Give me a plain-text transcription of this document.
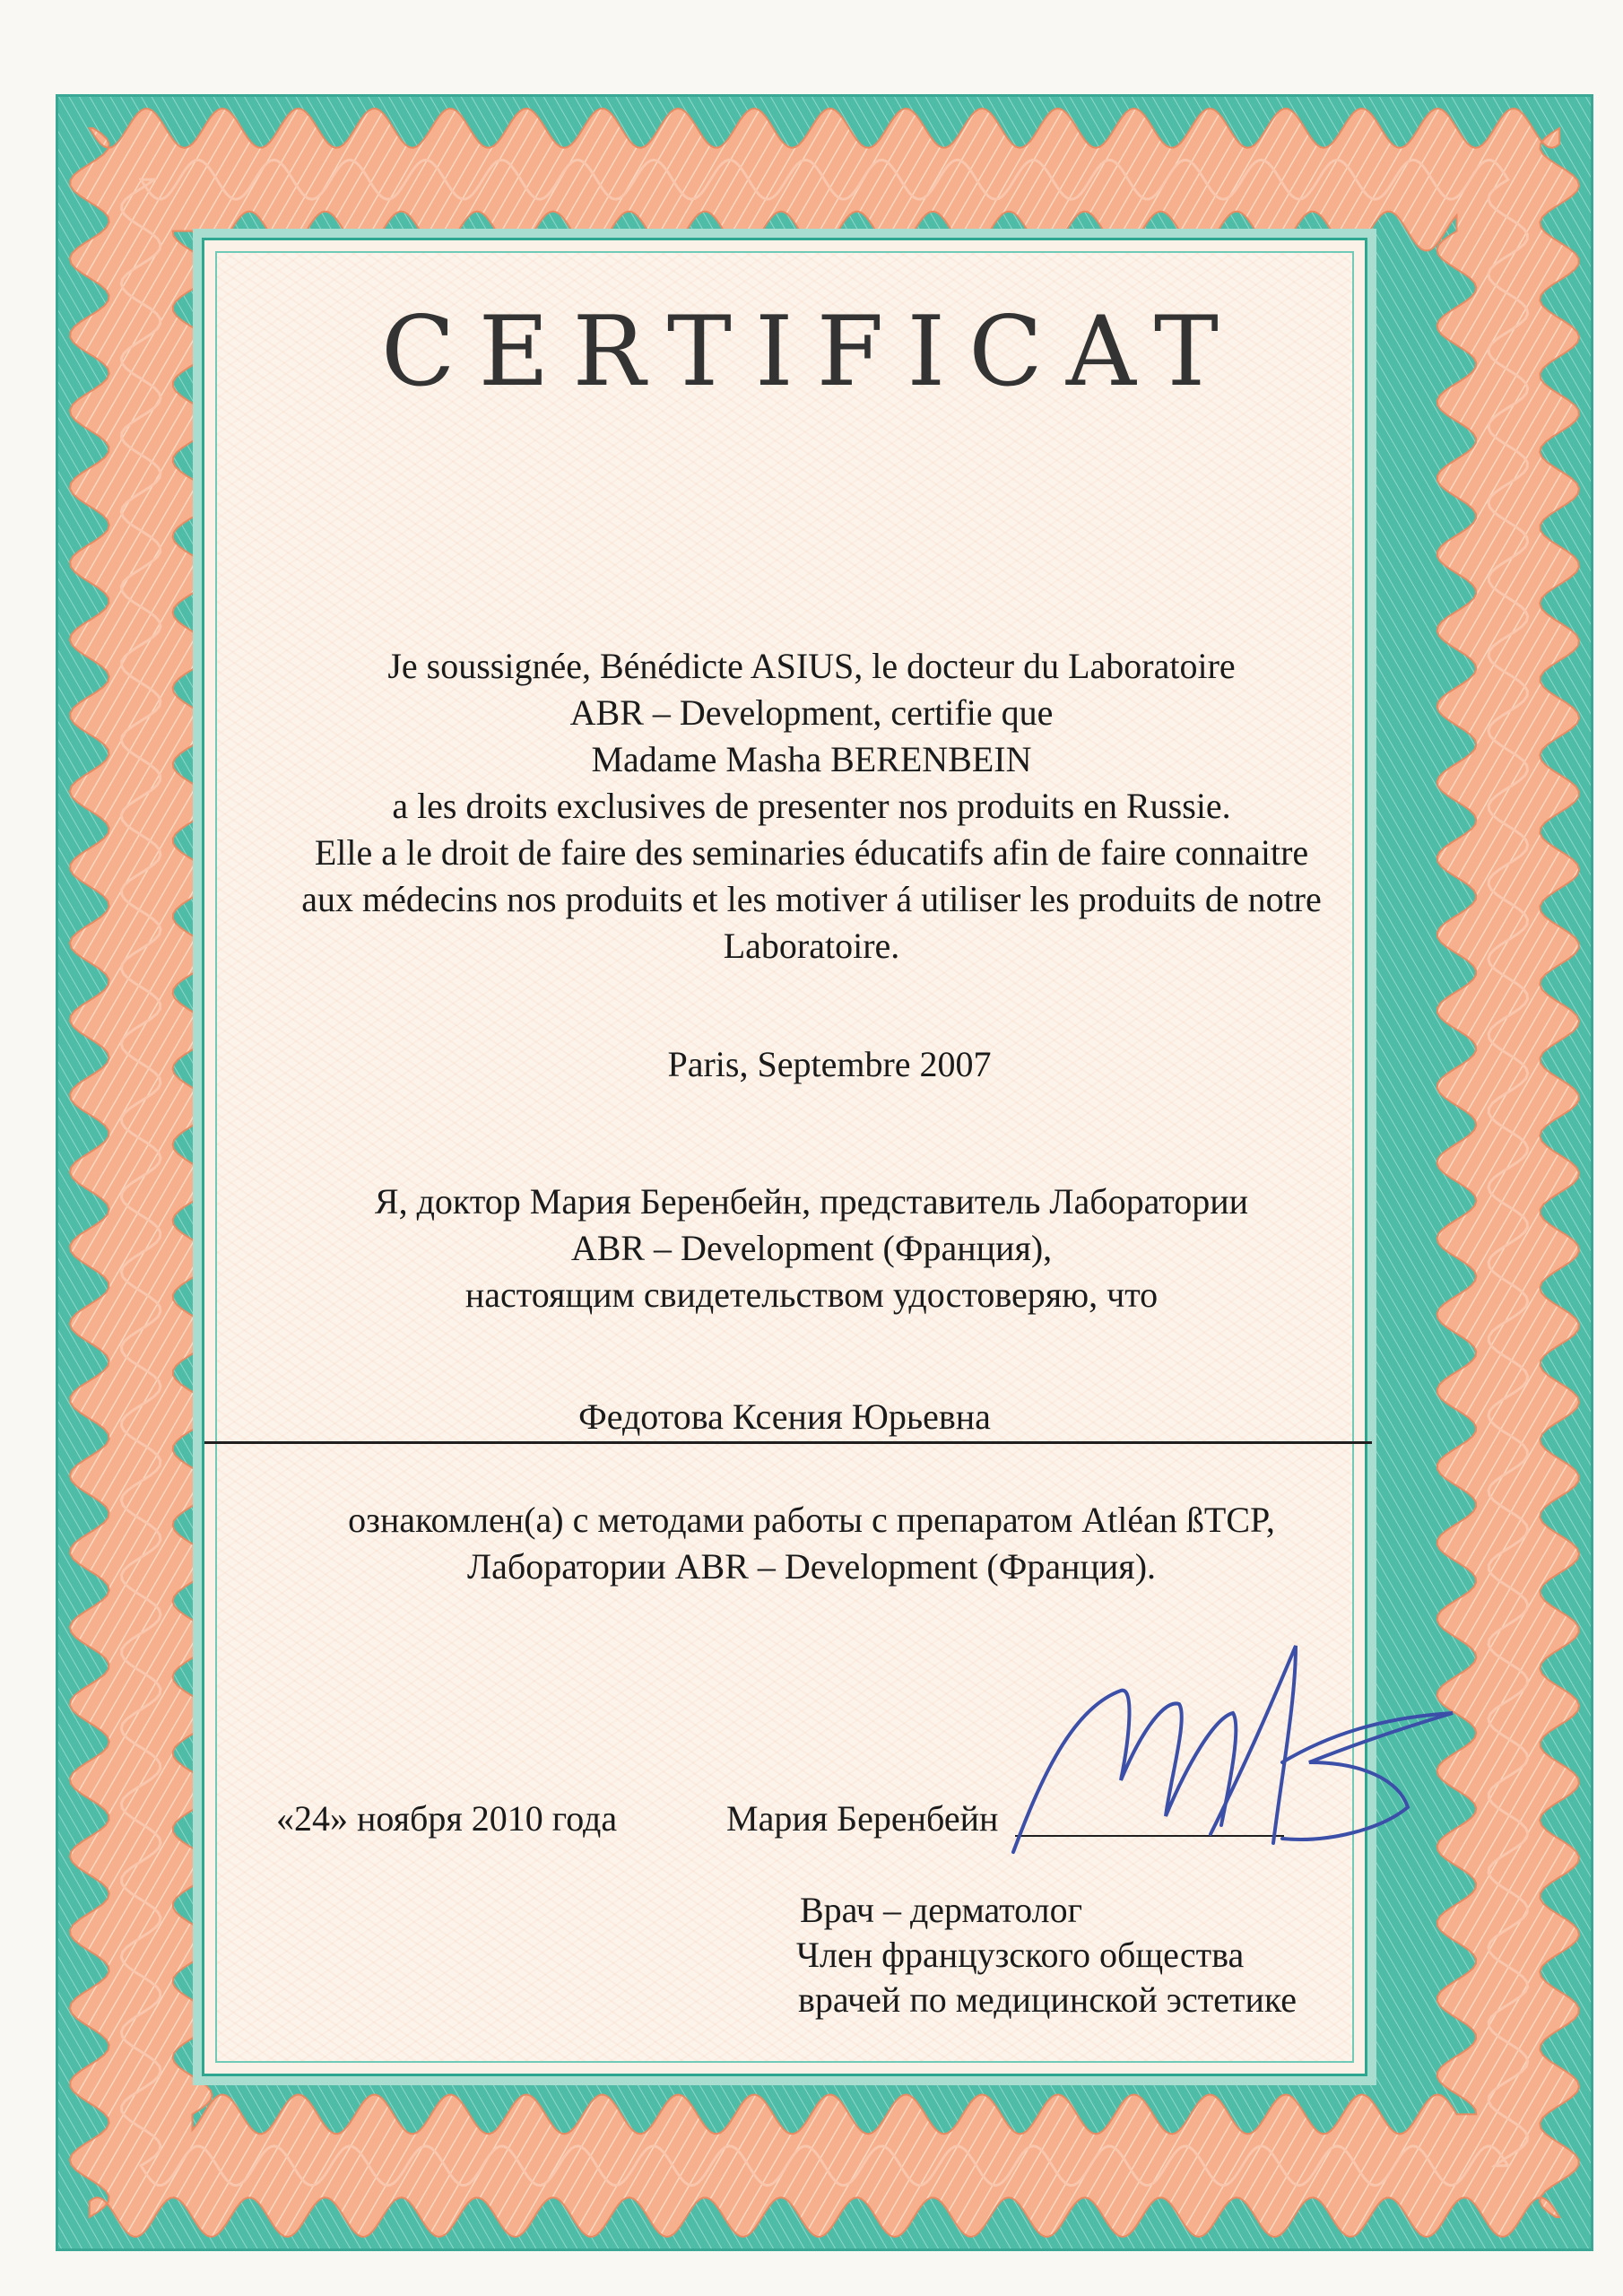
CERTIFICAT
Je soussignée, Bénédicte ASIUS, le docteur du Laboratoire
ABR – Development, certifie que
Madame Masha BERENBEIN
a les droits exclusives de presenter nos produits en Russie.
Elle a le droit de faire des seminaries éducatifs afin de faire connaitre
aux médecins nos produits et les motiver á utiliser les produits de notre
Laboratoire.
Paris, Septembre 2007
Я, доктор Мария Беренбейн, представитель Лаборатории
ABR – Development (Франция),
настоящим свидетельством удостоверяю, что
Федотова Ксения Юрьевна
ознакомлен(а) с методами работы с препаратом Atléan ßTCP,
Лаборатории ABR – Development (Франция).
«24» ноября 2010 года	Мария Беренбейн
Врач – дерматолог
Член французского общества
врачей по медицинской эстетике
